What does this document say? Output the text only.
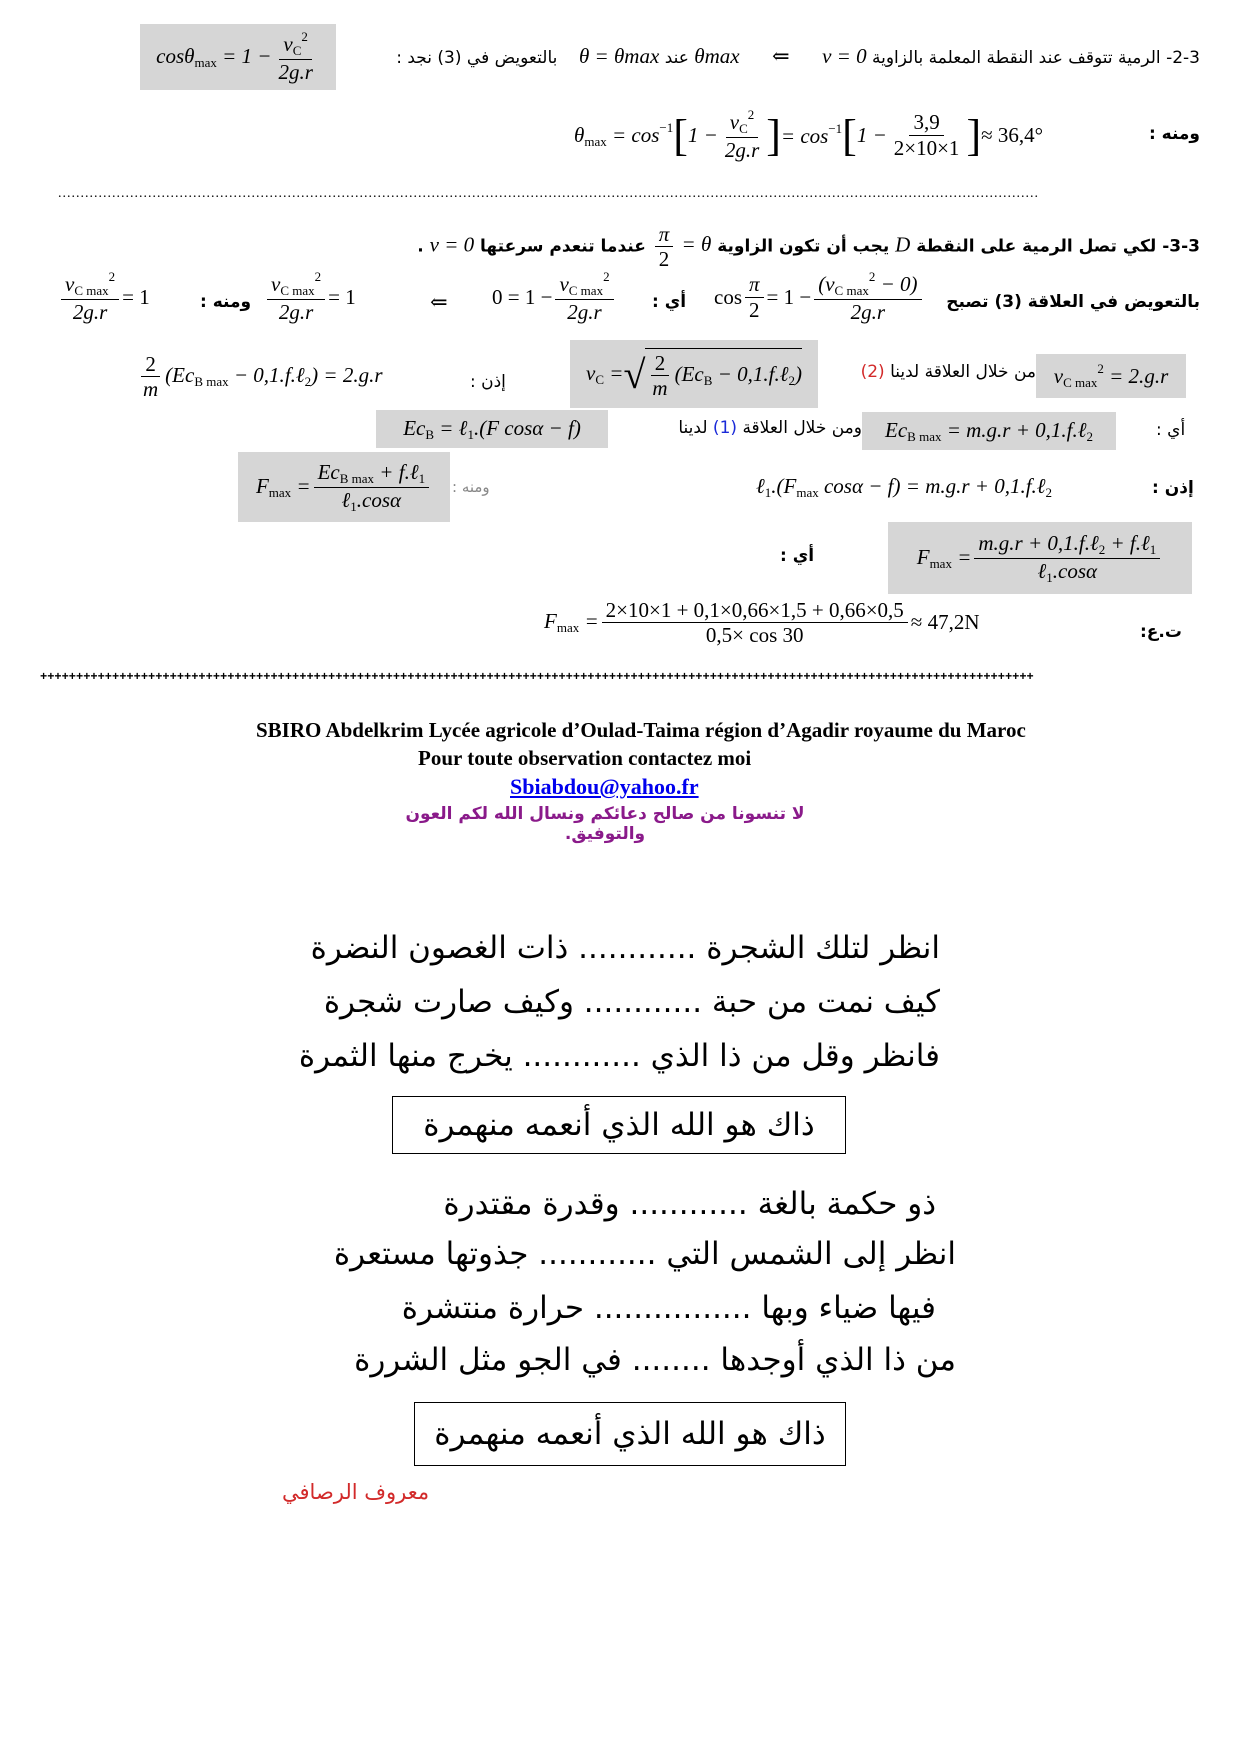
$\cos\theta_{max} = 1 - \frac{v_C^2}{2g.r}$	2-3- الرمية تتوقف عند النقطة المعلمة بالزاوية θmax ⇐ v = 0 عند θ = θmax    بالتعويض في (3) نجد :
ومنه :
$\theta_{max} = \cos^{-1}$ [ $1 - \frac{v_C^2}{2g.r}$ ] = $\cos^{-1}$ [ $1 - \frac{3,9}{2\times 10\times 1}$ ] ≈ 36,4°
..........................................................................................................................................................................................................................
3-3- لكي تصل الرمية على النقطة D يجب أن تكون الزاوية θ =
$\frac{\pi}{2}$
عندما تنعدم سرعتها v = 0 .
$\frac{v_{C max}^2}{2g.r} = 1$	ومنه : $\frac{v_{C max}^2}{2g.r} = 1$	⇐ $0 = 1 - \frac{v_{C max}^2}{2g.r}$ أي : $\cos \frac{\pi}{2} = 1 - \frac{(v_{C max}^2 - 0)}{2g.r}$	بالتعويض في العلاقة (3) تصبح
$\frac{2}{m} (Ec_{B max}$ − 0,1.f.ℓ$_2$) = 2.g.r	إذن :	$v_C$ = √ $\frac{2}{m} (Ec_B$ − 0,1.f.ℓ$_2$)	من خلال العلاقة لدينا (2)	$v_{C max}^2 = 2.g.r$
$Ec_B$ = ℓ$_1$.(F cosα − f)	ومن خلال العلاقة (1) لدينا	$Ec_{B max} = m.g.r$ + 0,1.f.ℓ$_2$	أي :
$F_{max} = \frac{Ec_{B max} + f.\ell_1}{\ell_1.\cos\alpha}$ ومنه :	$\ell_1.(F_{max}$ cosα − f) = m.g.r + 0,1.f.ℓ$_2$	إذن :
أي :	$F_{max} = \frac{m.g.r + 0,1.f.\ell_2 + f.\ell_1}{\ell_1.\cos\alpha}$
$F_{max} = \frac{2\times 10\times 1 + 0,1\times 0,66\times 1,5 + 0,66\times 0,5}{0,5\times \cos 30} \approx 47,2N$	ت.ع:
++++++++++++++++++++++++++++++++++++++++++++++++++++++++++++++++++++++++++++++++++++++++++++++++++++++++++++++++++++++++++++++++++++++++++
SBIRO Abdelkrim Lycée agricole d’Oulad-Taima région d’Agadir royaume du Maroc
Pour toute observation contactez moi
Sbiabdou@yahoo.fr
لا تنسونا من صالح دعائكم ونسال الله لكم العون والتوفيق.
انظر لتلك الشجرة ............ ذات الغصون النضرة
كيف نمت من حبة ............ وكيف صارت شجرة
فانظر وقل من ذا الذي ............ يخرج منها الثمرة
ذاك هو الله الذي أنعمه منهمرة
ذو حكمة بالغة ............ وقدرة مقتدرة
انظر إلى الشمس التي ............ جذوتها مستعرة
فيها ضياء وبها ................ حرارة منتشرة
من ذا الذي أوجدها ........ في الجو مثل الشررة
ذاك هو الله الذي أنعمه منهمرة
معروف الرصافي
